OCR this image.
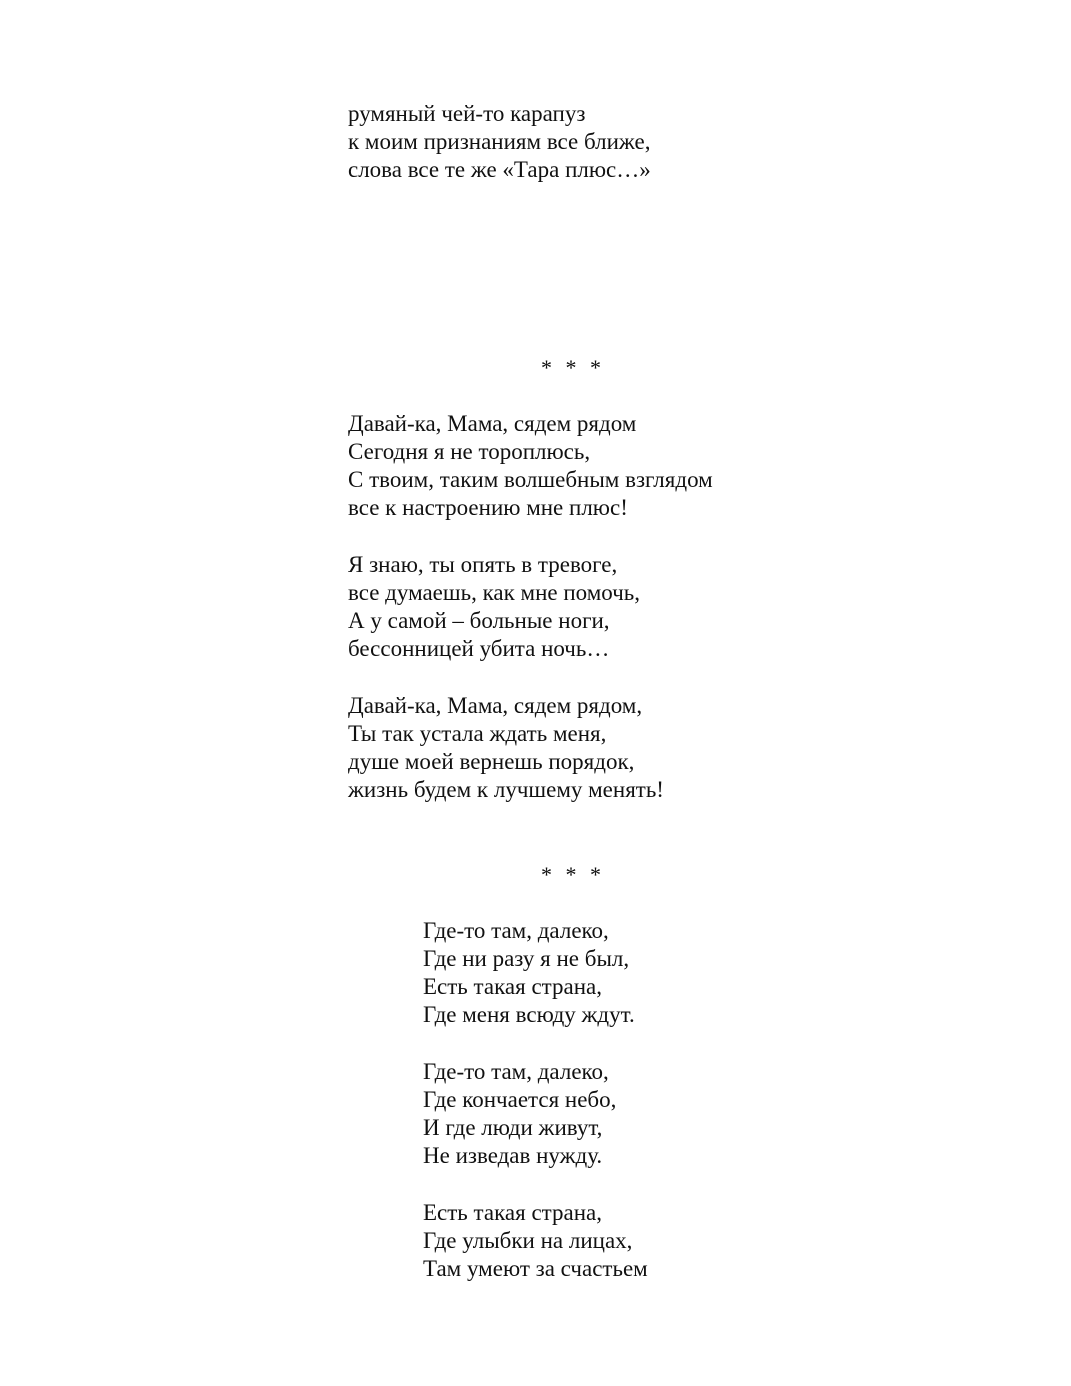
румяный чей-то карапуз
к моим признаниям все ближе,
слова все те же «Тара плюс…»
* * *
Давай-ка, Мама, сядем рядом
Сегодня я не тороплюсь,
С твоим, таким волшебным взглядом
все к настроению мне плюс!
Я знаю, ты опять в тревоге,
все думаешь, как мне помочь,
А у самой – больные ноги,
бессонницей убита ночь…
Давай-ка, Мама, сядем рядом,
Ты так устала ждать меня,
душе моей вернешь порядок,
жизнь будем к лучшему менять!
* * *
Где-то там, далеко,
Где ни разу я не был,
Есть такая страна,
Где меня всюду ждут.
Где-то там, далеко,
Где кончается небо,
И где люди живут,
Не изведав нужду.
Есть такая страна,
Где улыбки на лицах,
Там умеют за счастьем
